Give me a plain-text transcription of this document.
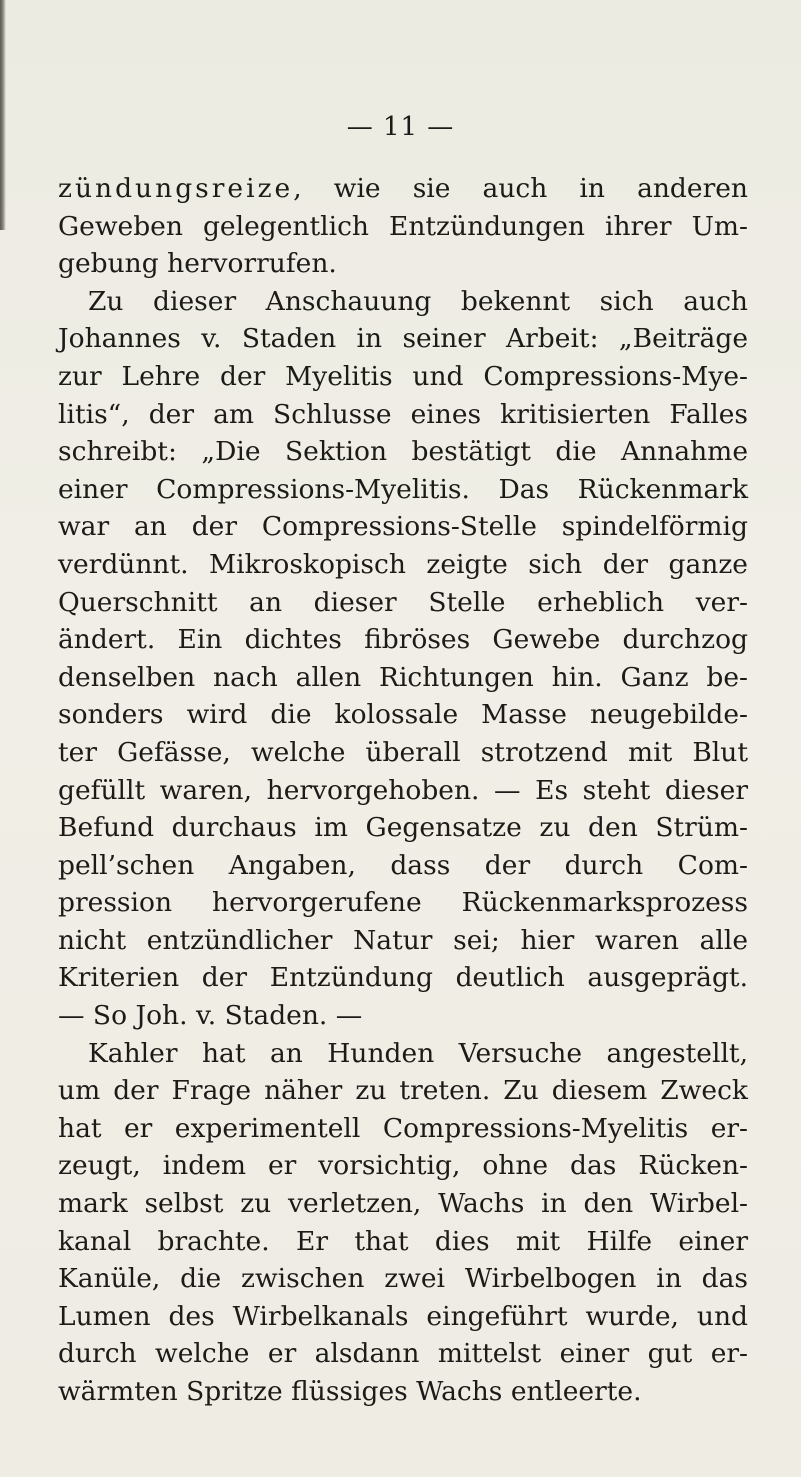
— 11 —
zündungsreize, wie sie auch in anderen
Geweben gelegentlich Entzündungen ihrer Um-
gebung hervorrufen.
Zu dieser Anschauung bekennt sich auch
Johannes v. Staden in seiner Arbeit: „Beiträge
zur Lehre der Myelitis und Compressions-Mye-
litis“, der am Schlusse eines kritisierten Falles
schreibt: „Die Sektion bestätigt die Annahme
einer Compressions-Myelitis. Das Rückenmark
war an der Compressions-Stelle spindelförmig
verdünnt. Mikroskopisch zeigte sich der ganze
Querschnitt an dieser Stelle erheblich ver-
ändert. Ein dichtes fibröses Gewebe durchzog
denselben nach allen Richtungen hin. Ganz be-
sonders wird die kolossale Masse neugebilde-
ter Gefässe, welche überall strotzend mit Blut
gefüllt waren, hervorgehoben. — Es steht dieser
Befund durchaus im Gegensatze zu den Strüm-
pell’schen Angaben, dass der durch Com-
pression hervorgerufene Rückenmarksprozess
nicht entzündlicher Natur sei; hier waren alle
Kriterien der Entzündung deutlich ausgeprägt.
— So Joh. v. Staden. —
Kahler hat an Hunden Versuche angestellt,
um der Frage näher zu treten. Zu diesem Zweck
hat er experimentell Compressions-Myelitis er-
zeugt, indem er vorsichtig, ohne das Rücken-
mark selbst zu verletzen, Wachs in den Wirbel-
kanal brachte. Er that dies mit Hilfe einer
Kanüle, die zwischen zwei Wirbelbogen in das
Lumen des Wirbelkanals eingeführt wurde, und
durch welche er alsdann mittelst einer gut er-
wärmten Spritze flüssiges Wachs entleerte.
